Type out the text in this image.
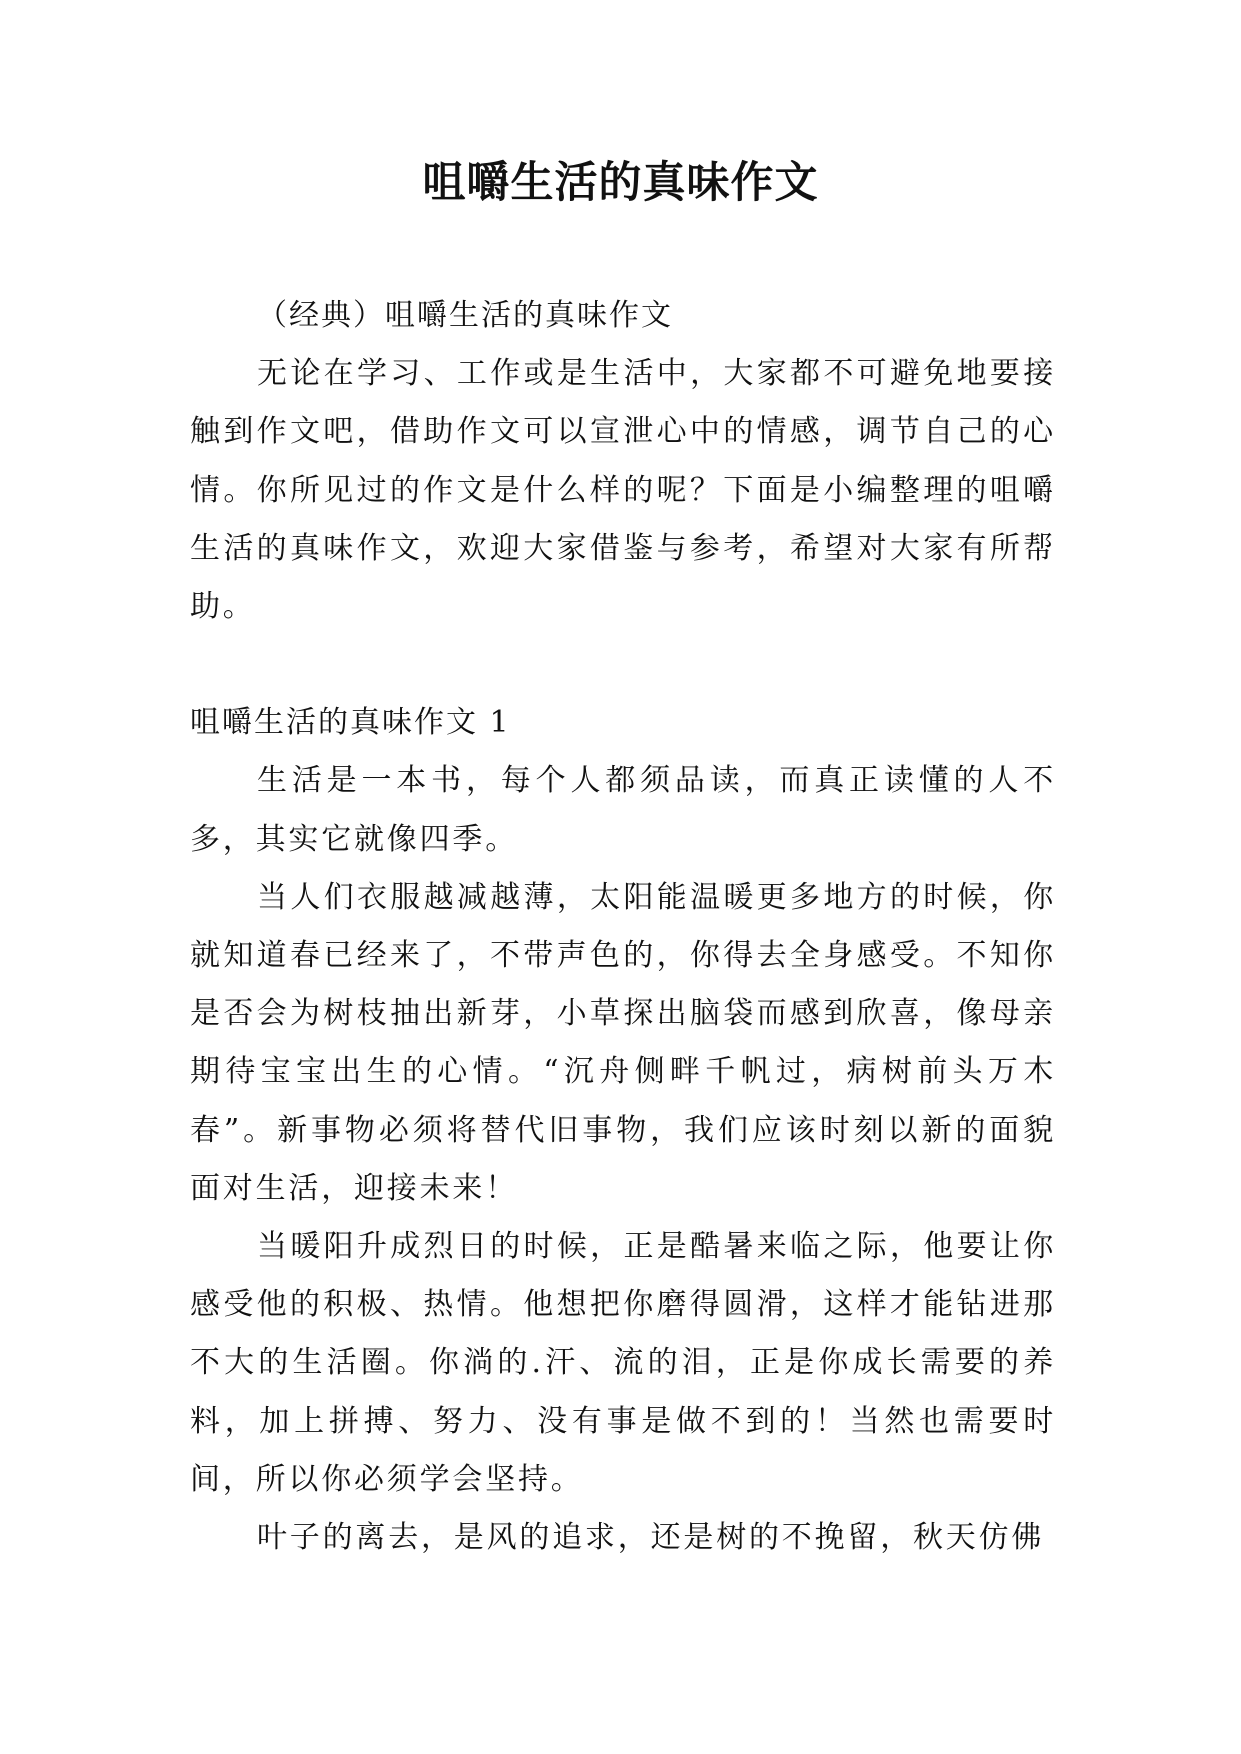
咀嚼生活的真味作文

（经典）咀嚼生活的真味作文

无论在学习、工作或是生活中，大家都不可避免地要接触到作文吧，借助作文可以宣泄心中的情感，调节自己的心情。你所见过的作文是什么样的呢？下面是小编整理的咀嚼生活的真味作文，欢迎大家借鉴与参考，希望对大家有所帮助。

咀嚼生活的真味作文 1

生活是一本书，每个人都须品读，而真正读懂的人不多，其实它就像四季。

当人们衣服越减越薄，太阳能温暖更多地方的时候，你就知道春已经来了，不带声色的，你得去全身感受。不知你是否会为树枝抽出新芽，小草探出脑袋而感到欣喜，像母亲期待宝宝出生的心情。“沉舟侧畔千帆过，病树前头万木春”。新事物必须将替代旧事物，我们应该时刻以新的面貌面对生活，迎接未来！

当暖阳升成烈日的时候，正是酷暑来临之际，他要让你感受他的积极、热情。他想把你磨得圆滑，这样才能钻进那不大的生活圈。你淌的.汗、流的泪，正是你成长需要的养料，加上拼搏、努力、没有事是做不到的！当然也需要时间，所以你必须学会坚持。

叶子的离去，是风的追求，还是树的不挽留，秋天仿佛
